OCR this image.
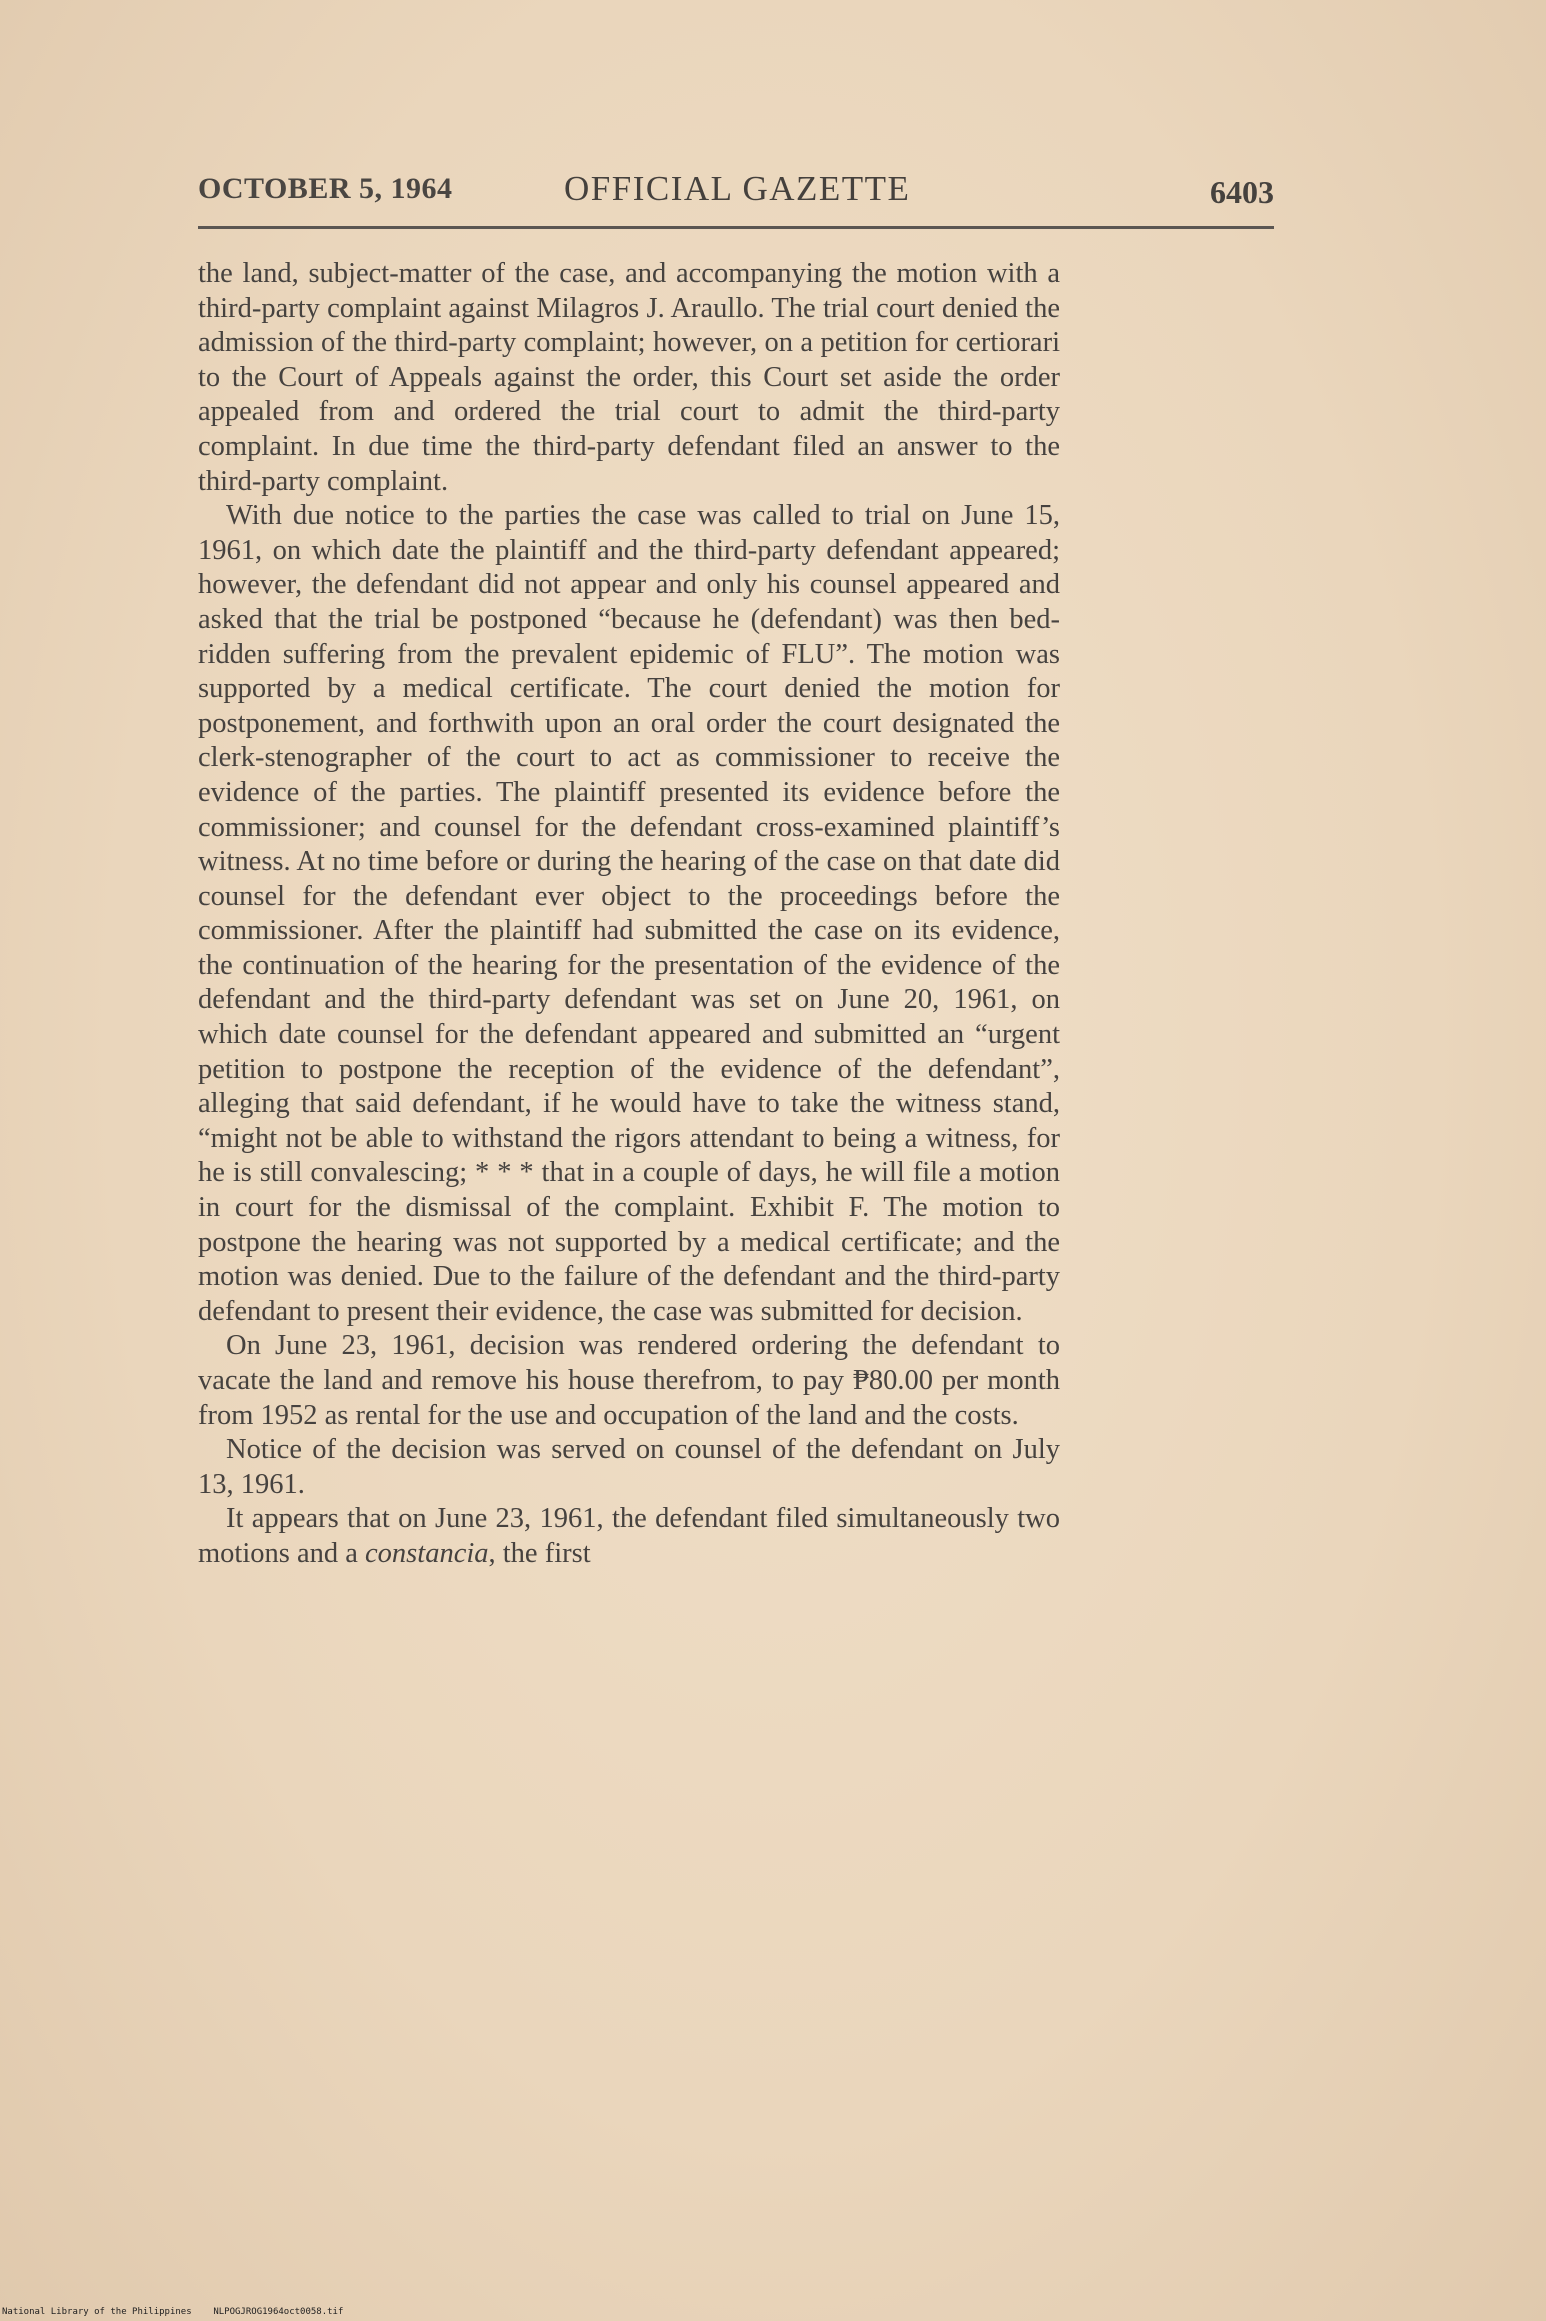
OCTOBER 5, 1964	OFFICIAL GAZETTE	6403

the land, subject-matter of the case, and accompanying the motion with a third-party complaint against Milagros J. Araullo. The trial court denied the admission of the third-party complaint; however, on a petition for certiorari to the Court of Appeals against the order, this Court set aside the order appealed from and ordered the trial court to admit the third-party complaint. In due time the third-party defendant filed an answer to the third-party complaint.

With due notice to the parties the case was called to trial on June 15, 1961, on which date the plaintiff and the third-party defendant appeared; however, the defendant did not appear and only his counsel appeared and asked that the trial be postponed “because he (defendant) was then bed-ridden suffering from the prevalent epidemic of FLU”. The motion was supported by a medical certificate. The court denied the motion for postponement, and forthwith upon an oral order the court designated the clerk-stenographer of the court to act as commissioner to receive the evidence of the parties. The plaintiff presented its evidence before the commissioner; and counsel for the defendant cross-examined plaintiff’s witness. At no time before or during the hearing of the case on that date did counsel for the defendant ever object to the proceedings before the commissioner. After the plaintiff had submitted the case on its evidence, the continuation of the hearing for the presentation of the evidence of the defendant and the third-party defendant was set on June 20, 1961, on which date counsel for the defendant appeared and submitted an “urgent petition to postpone the reception of the evidence of the defendant”, alleging that said defendant, if he would have to take the witness stand, “might not be able to withstand the rigors attendant to being a witness, for he is still convalescing; * * * that in a couple of days, he will file a motion in court for the dismissal of the complaint. Exhibit F. The motion to postpone the hearing was not supported by a medical certificate; and the motion was denied. Due to the failure of the defendant and the third-party defendant to present their evidence, the case was submitted for decision.

On June 23, 1961, decision was rendered ordering the defendant to vacate the land and remove his house therefrom, to pay ₱80.00 per month from 1952 as rental for the use and occupation of the land and the costs.

Notice of the decision was served on counsel of the defendant on July 13, 1961.

It appears that on June 23, 1961, the defendant filed simultaneously two motions and a constancia, the first

National Library of the Philippines NLPOGJROG1964oct0058.tif
